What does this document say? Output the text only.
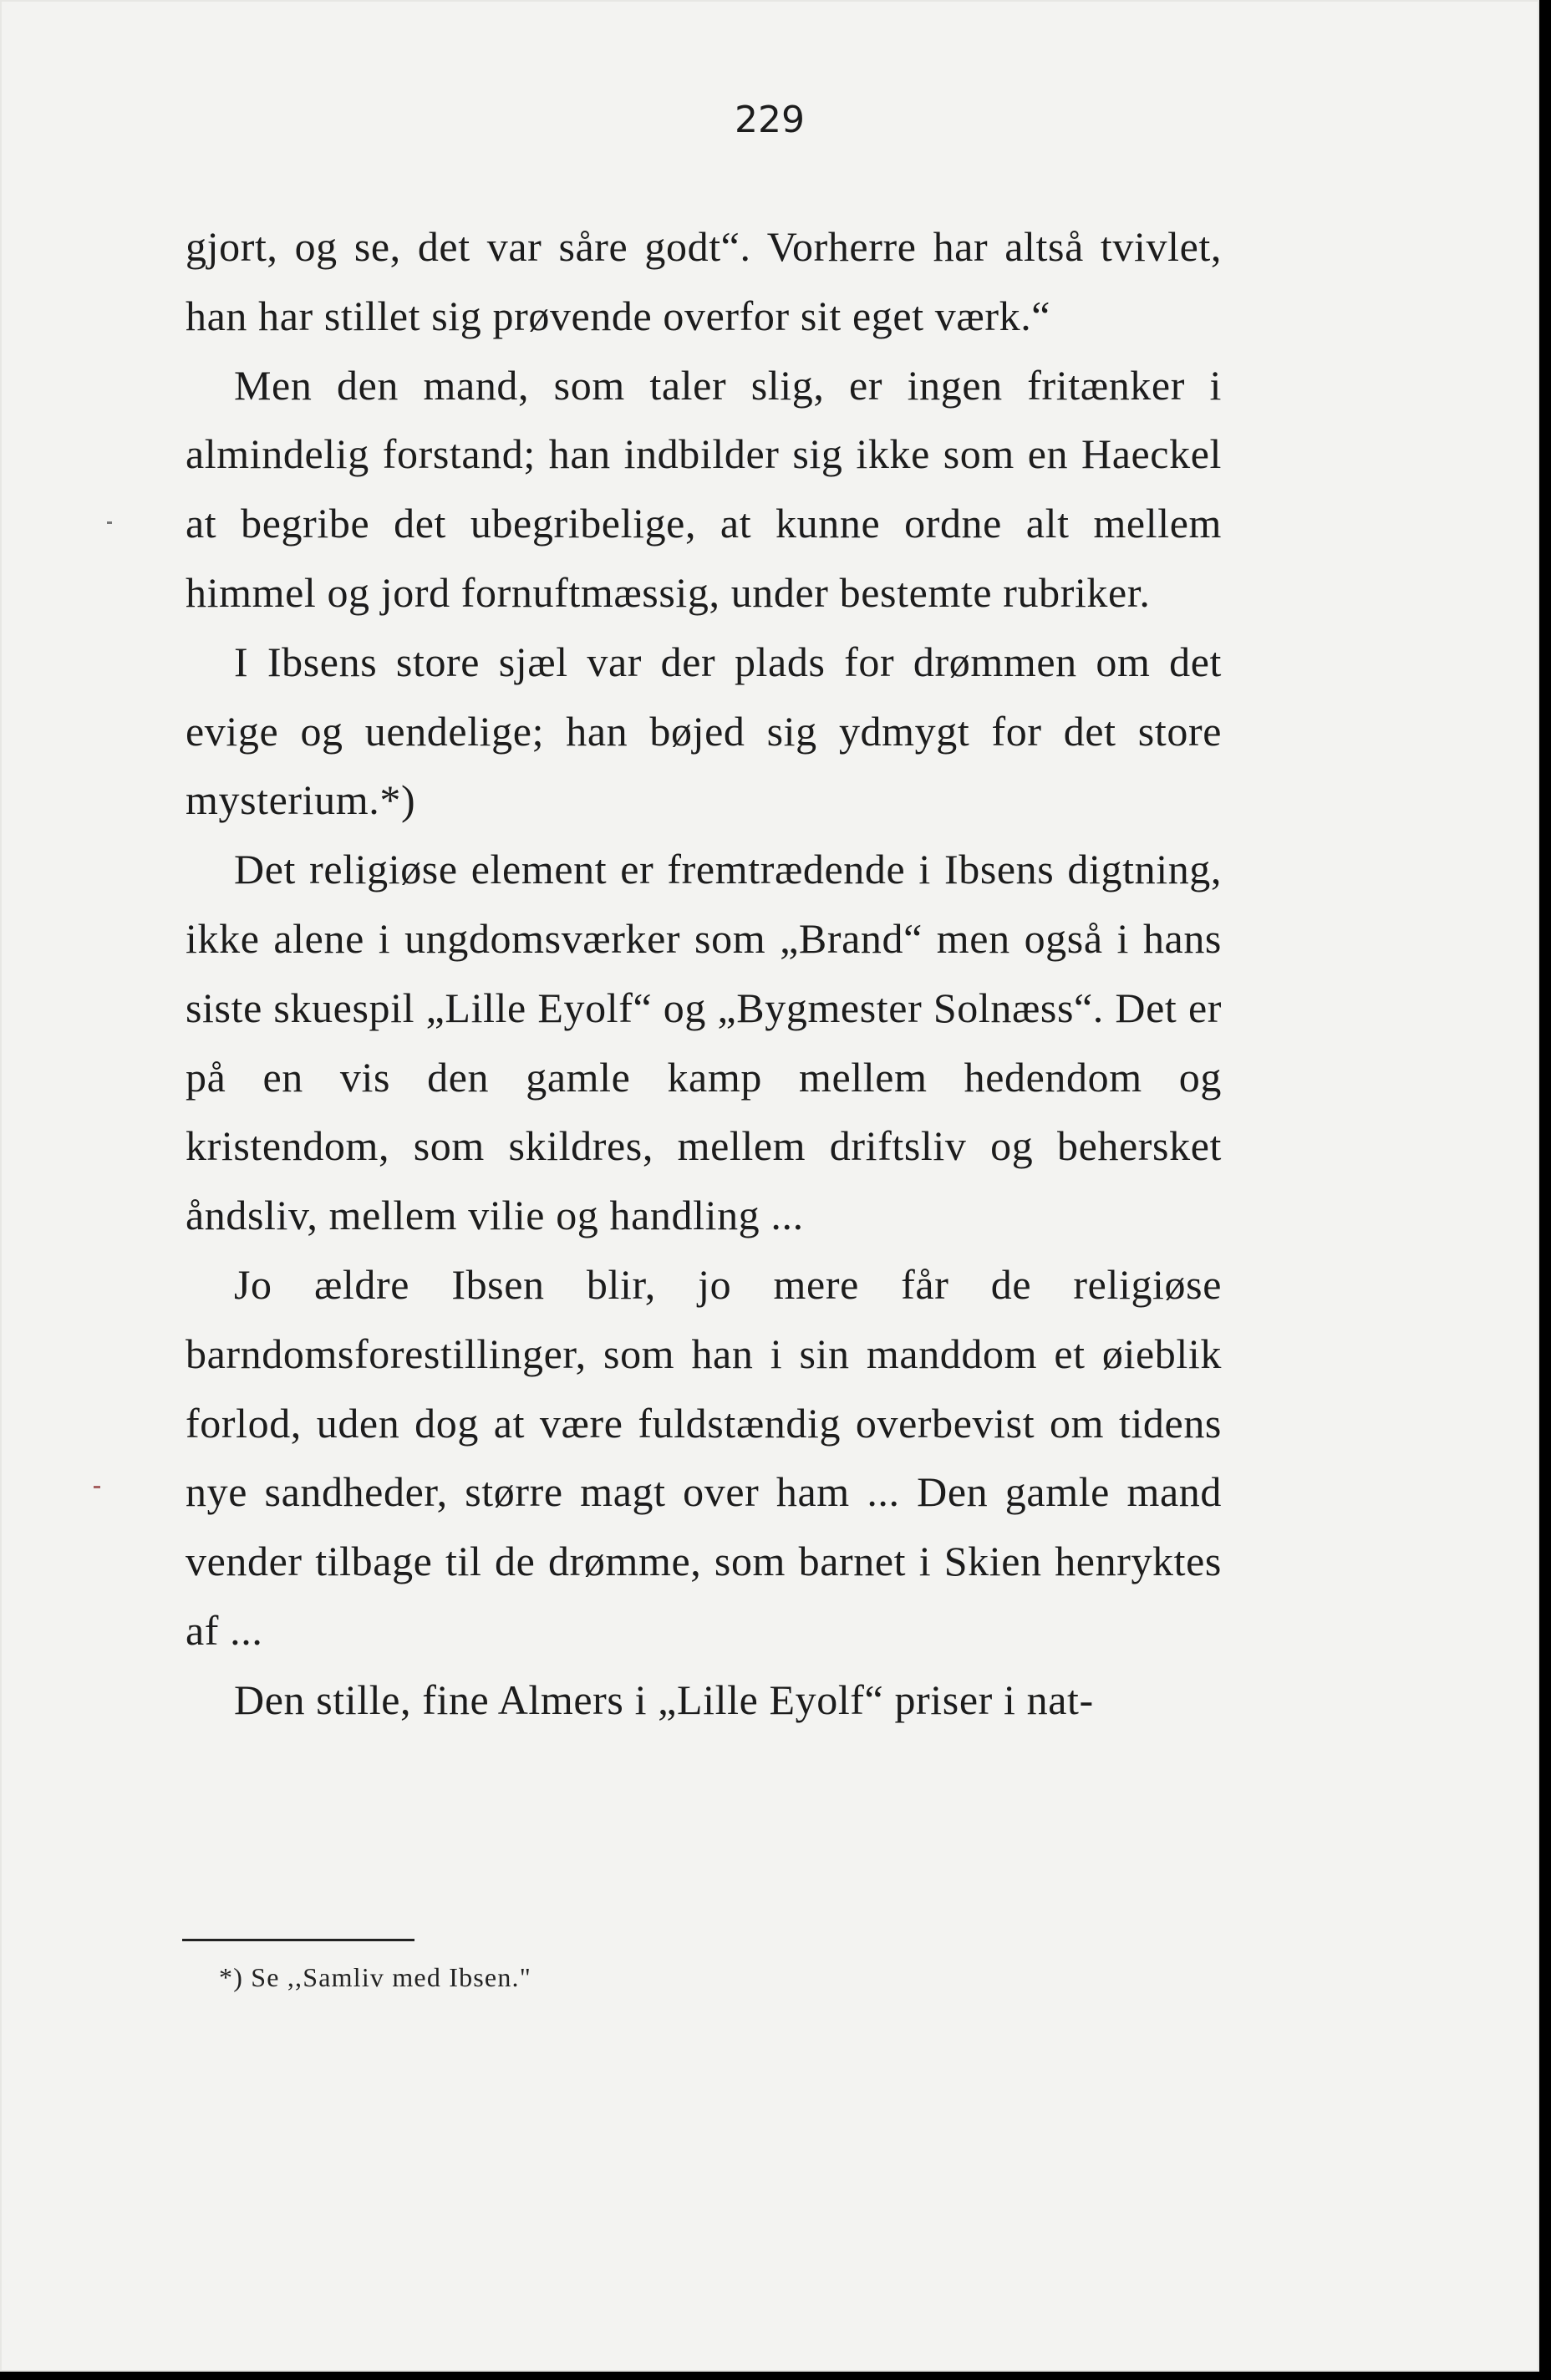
229

gjort, og se, det var såre godt“. Vorherre har altså tvivlet, han har stillet sig prøvende overfor sit eget værk.“

Men den mand, som taler slig, er ingen fritænker i almindelig forstand; han indbilder sig ikke som en Haeckel at begribe det ubegribelige, at kunne ordne alt mellem himmel og jord fornuftmæssig, under bestemte rubriker.

I Ibsens store sjæl var der plads for drømmen om det evige og uendelige; han bøjed sig ydmygt for det store mysterium.*)

Det religiøse element er fremtrædende i Ibsens digtning, ikke alene i ungdomsværker som „Brand“ men også i hans siste skuespil „Lille Eyolf“ og „Bygmester Solnæss“. Det er på en vis den gamle kamp mellem hedendom og kristendom, som skildres, mellem driftsliv og behersket åndsliv, mellem vilie og handling ...

Jo ældre Ibsen blir, jo mere får de religiøse barndomsforestillinger, som han i sin manddom et øieblik forlod, uden dog at være fuldstændig overbevist om tidens nye sandheder, større magt over ham ... Den gamle mand vender tilbage til de drømme, som barnet i Skien henryktes af ...

Den stille, fine Almers i „Lille Eyolf“ priser i nat-

*) Se ,,Samliv med Ibsen."
